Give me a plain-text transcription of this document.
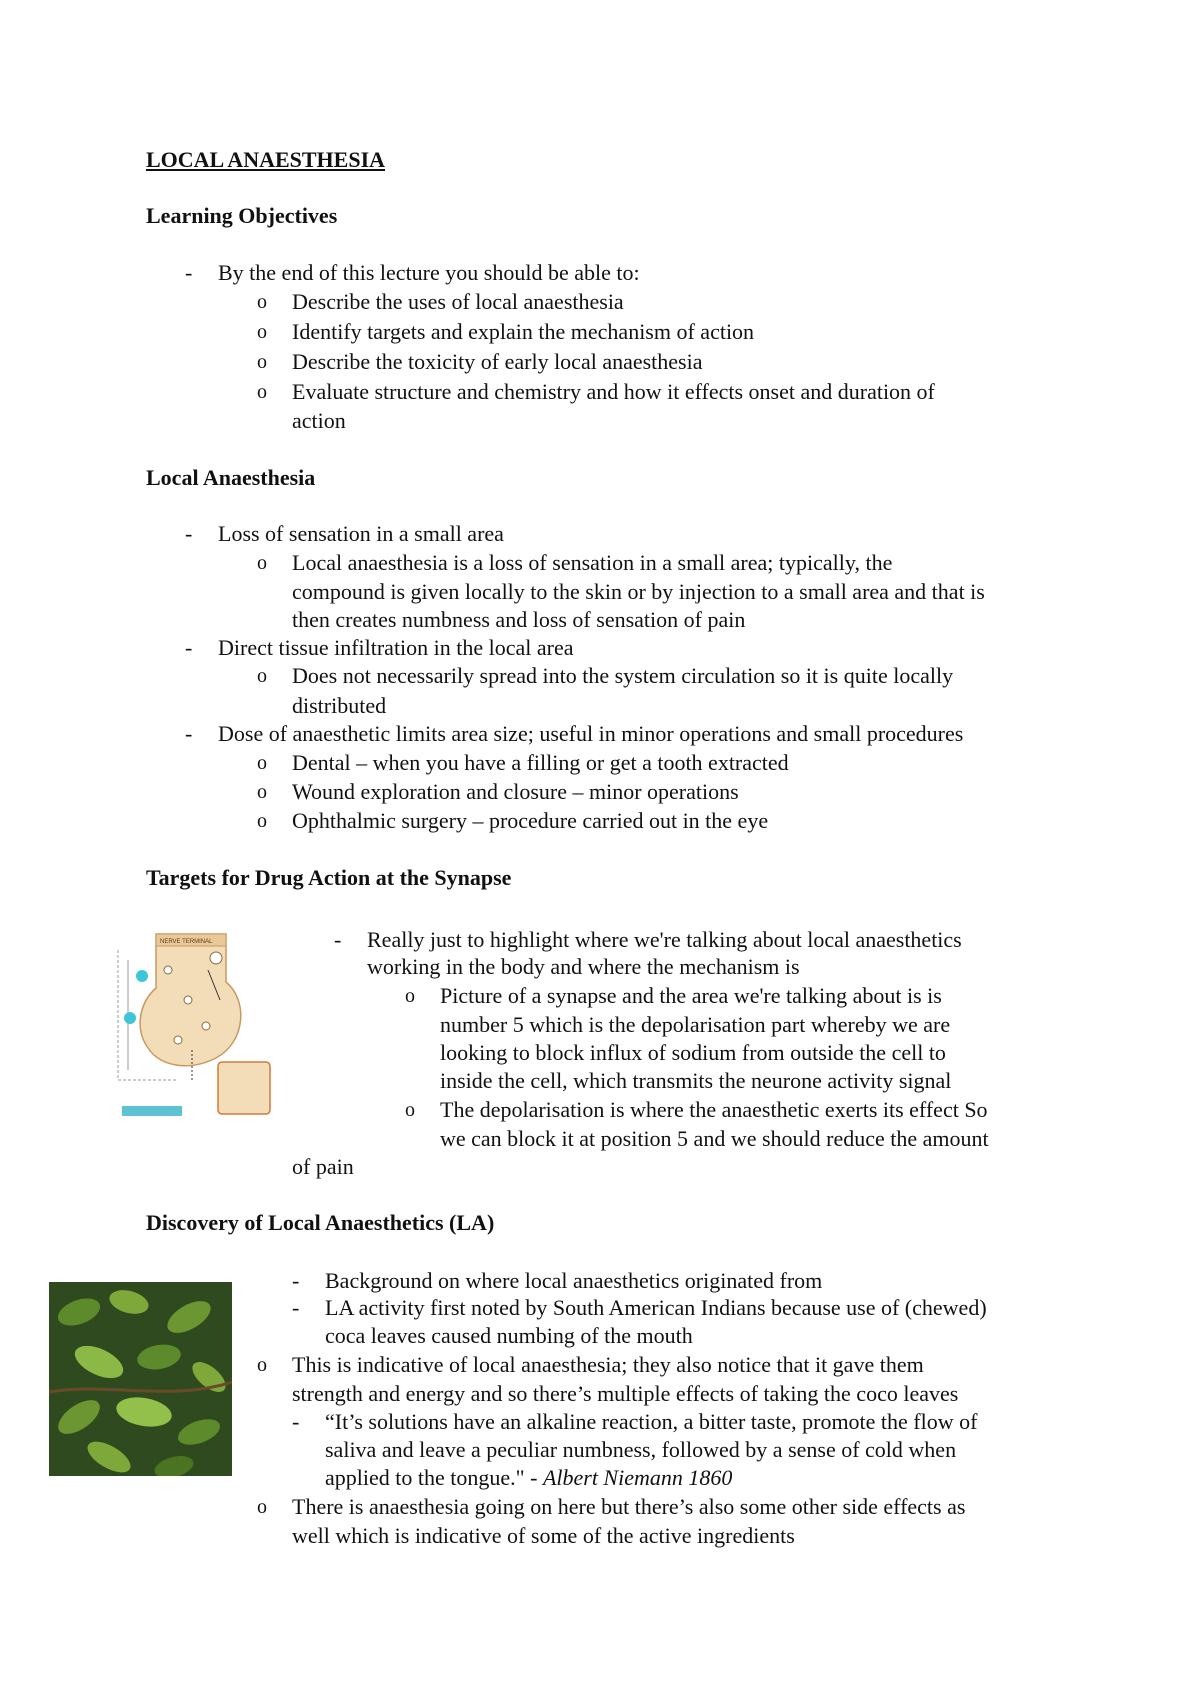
LOCAL ANAESTHESIA
Learning Objectives
- By the end of this lecture you should be able to:
o Describe the uses of local anaesthesia
o Identify targets and explain the mechanism of action
o Describe the toxicity of early local anaesthesia
o Evaluate structure and chemistry and how it effects onset and duration of
action
Local Anaesthesia
- Loss of sensation in a small area
o Local anaesthesia is a loss of sensation in a small area; typically, the
compound is given locally to the skin or by injection to a small area and that is
then creates numbness and loss of sensation of pain
- Direct tissue infiltration in the local area
o Does not necessarily spread into the system circulation so it is quite locally
distributed
- Dose of anaesthetic limits area size; useful in minor operations and small procedures
o Dental – when you have a filling or get a tooth extracted
o Wound exploration and closure – minor operations
o Ophthalmic surgery – procedure carried out in the eye
Targets for Drug Action at the Synapse
NERVE TERMINAL	- Really just to highlight where we're talking about local anaesthetics
working in the body and where the mechanism is
o Picture of a synapse and the area we're talking about is is
number 5 which is the depolarisation part whereby we are
looking to block influx of sodium from outside the cell to
inside the cell, which transmits the neurone activity signal
o The depolarisation is where the anaesthetic exerts its effect So
we can block it at position 5 and we should reduce the amount
of pain
Discovery of Local Anaesthetics (LA)
- Background on where local anaesthetics originated from
- LA activity first noted by South American Indians because use of (chewed)
coca leaves caused numbing of the mouth
o This is indicative of local anaesthesia; they also notice that it gave them
strength and energy and so there’s multiple effects of taking the coco leaves
- “It’s solutions have an alkaline reaction, a bitter taste, promote the flow of
saliva and leave a peculiar numbness, followed by a sense of cold when
applied to the tongue." - Albert Niemann 1860
o There is anaesthesia going on here but there’s also some other side effects as
well which is indicative of some of the active ingredients
